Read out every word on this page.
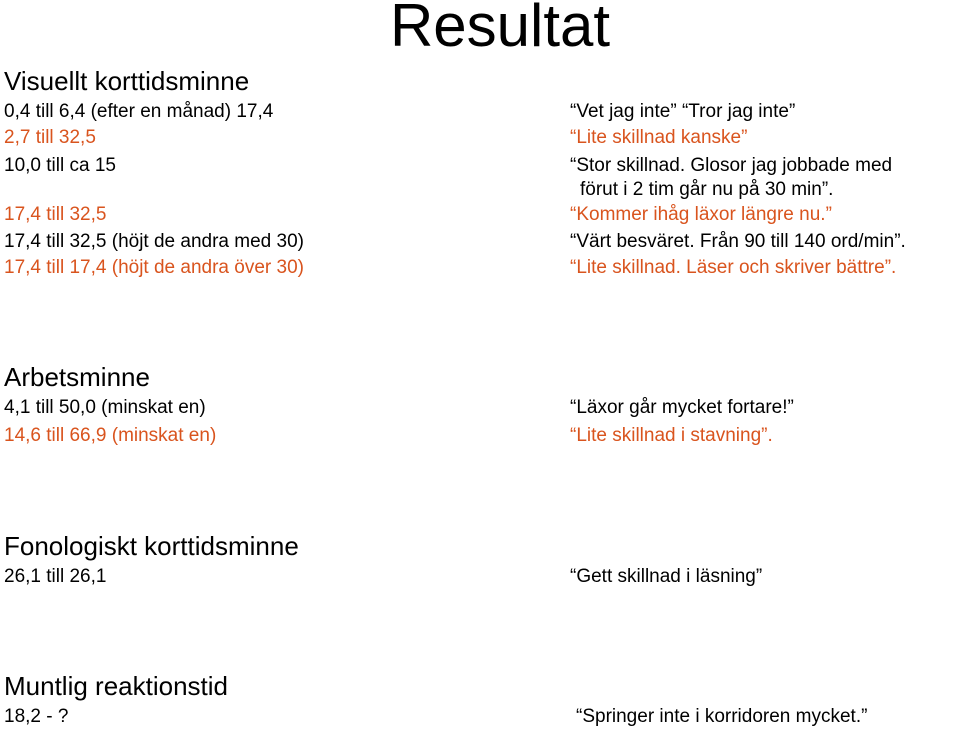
Resultat
Visuellt korttidsminne
0,4 till 6,4 (efter en månad) 17,4	“Vet jag inte” “Tror jag inte”
2,7 till 32,5	“Lite skillnad kanske”
10,0 till ca 15	“Stor skillnad. Glosor jag jobbade med
förut i 2 tim går nu på 30 min”.
17,4 till 32,5	“Kommer ihåg läxor längre nu.”
17,4 till 32,5 (höjt de andra med 30)	“Värt besväret. Från 90 till 140 ord/min”.
17,4 till 17,4 (höjt de andra över 30)	“Lite skillnad. Läser och skriver bättre”.
Arbetsminne
4,1 till 50,0 (minskat en)	“Läxor går mycket fortare!”
14,6 till 66,9 (minskat en)	“Lite skillnad i stavning”.
Fonologiskt korttidsminne
26,1 till 26,1	“Gett skillnad i läsning”
Muntlig reaktionstid
18,2 - ?	“Springer inte i korridoren mycket.”
